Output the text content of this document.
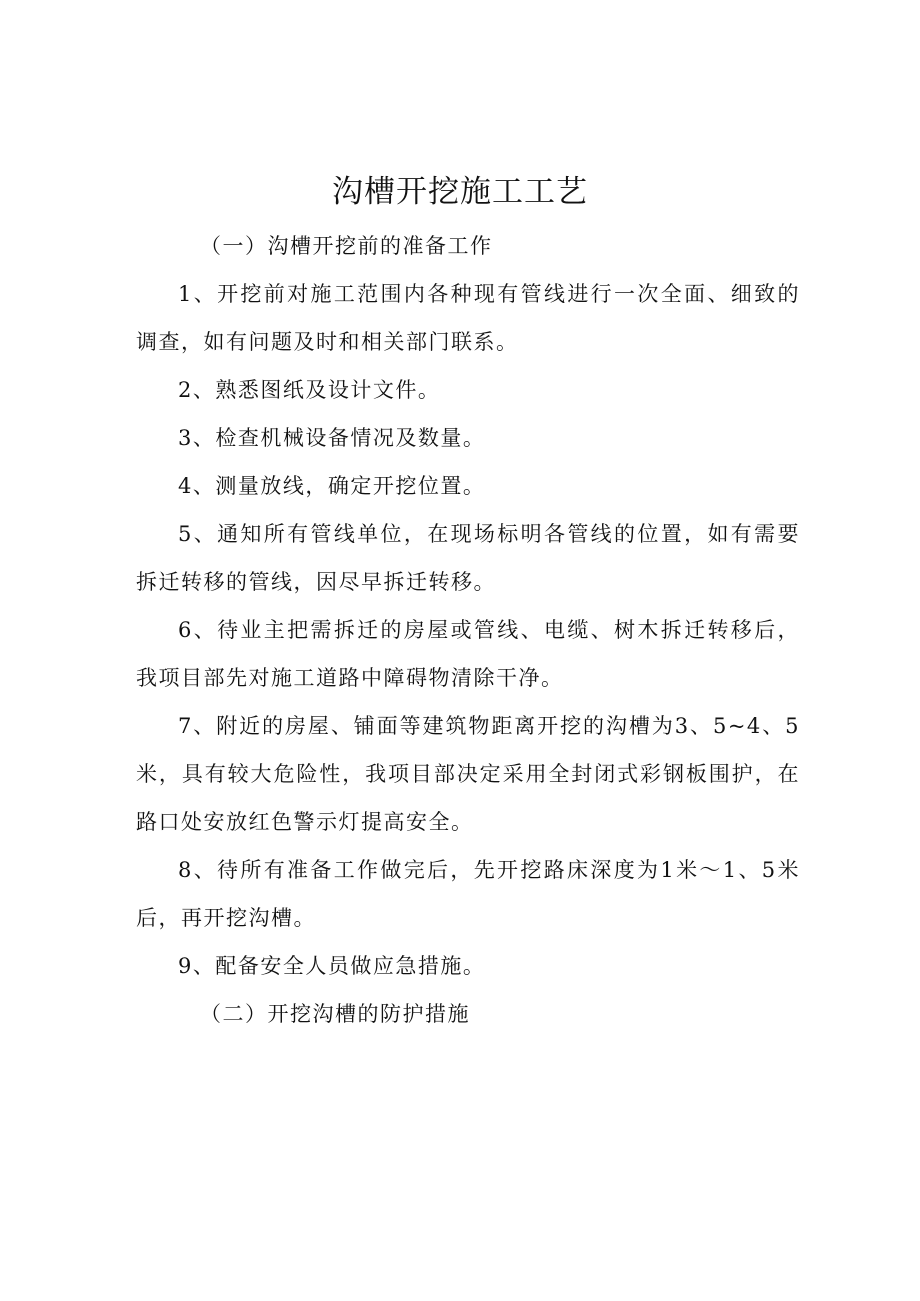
沟槽开挖施工工艺

（一）沟槽开挖前的准备工作

1、开挖前对施工范围内各种现有管线进行一次全面、细致的调查，如有问题及时和相关部门联系。

2、熟悉图纸及设计文件。

3、检查机械设备情况及数量。

4、测量放线，确定开挖位置。

5、通知所有管线单位，在现场标明各管线的位置，如有需要拆迁转移的管线，因尽早拆迁转移。

6、待业主把需拆迁的房屋或管线、电缆、树木拆迁转移后，我项目部先对施工道路中障碍物清除干净。

7、附近的房屋、铺面等建筑物距离开挖的沟槽为3、5~4、5米，具有较大危险性，我项目部决定采用全封闭式彩钢板围护，在路口处安放红色警示灯提高安全。

8、待所有准备工作做完后，先开挖路床深度为1米～1、5米后，再开挖沟槽。

9、配备安全人员做应急措施。

（二）开挖沟槽的防护措施
